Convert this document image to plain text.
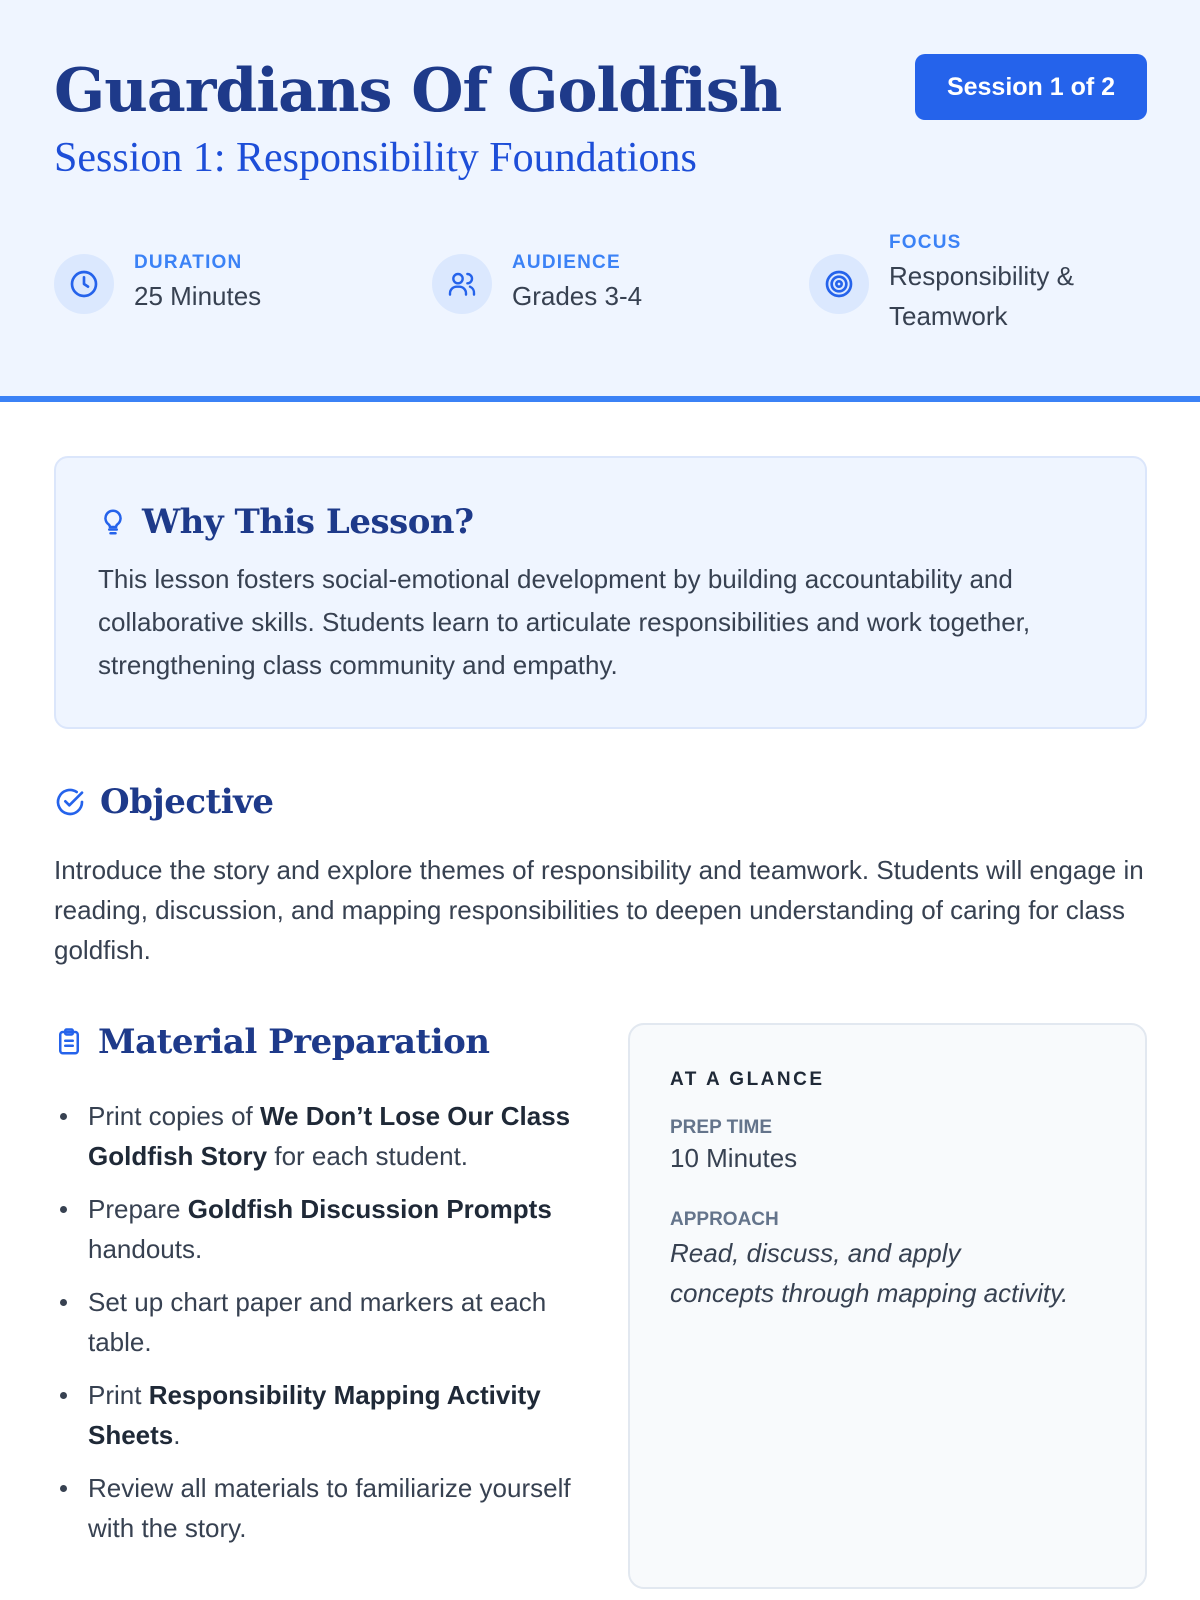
Guardians Of Goldfish
Session 1: Responsibility Foundations
Session 1 of 2
DURATION
25 Minutes
AUDIENCE
Grades 3-4
FOCUS
Responsibility & Teamwork
Why This Lesson?
This lesson fosters social-emotional development by building accountability and collaborative skills. Students learn to articulate responsibilities and work together, strengthening class community and empathy.
Objective
Introduce the story and explore themes of responsibility and teamwork. Students will engage in reading, discussion, and mapping responsibilities to deepen understanding of caring for class goldfish.
Material Preparation
Print copies of We Don’t Lose Our Class Goldfish Story for each student.
Prepare Goldfish Discussion Prompts handouts.
Set up chart paper and markers at each table.
Print Responsibility Mapping Activity Sheets.
Review all materials to familiarize yourself with the story.
AT A GLANCE
PREP TIME
10 Minutes
APPROACH
Read, discuss, and apply concepts through mapping activity.
